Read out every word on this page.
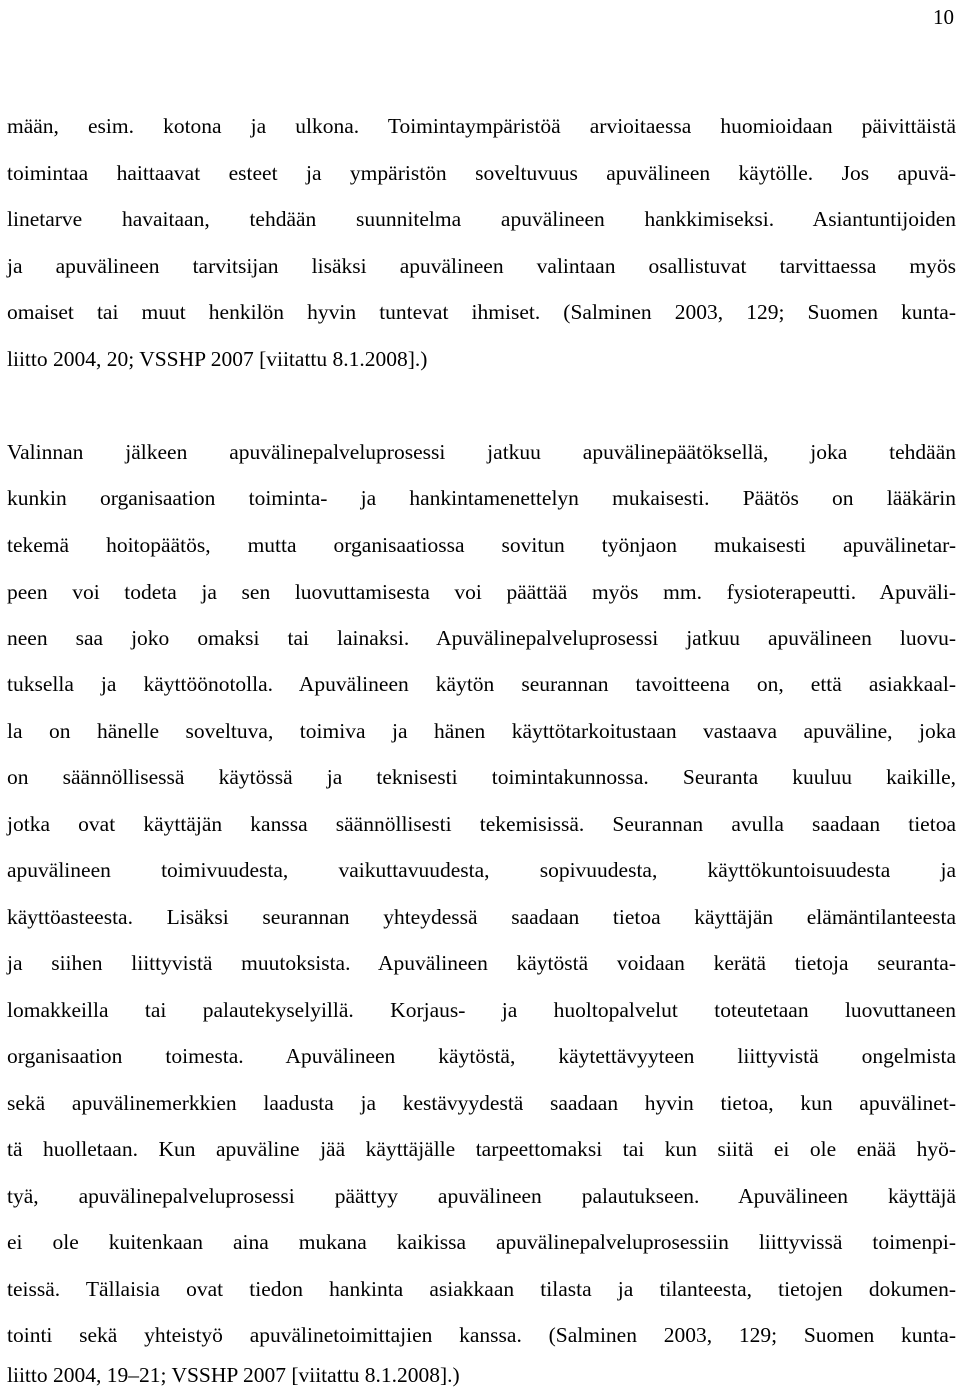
10
mään, esim. kotona ja ulkona. Toimintaympäristöä arvioitaessa huomioidaan päivittäistä
toimintaa haittaavat esteet ja ympäristön soveltuvuus apuvälineen käytölle. Jos apuvä-
linetarve havaitaan, tehdään suunnitelma apuvälineen hankkimiseksi. Asiantuntijoiden
ja apuvälineen tarvitsijan lisäksi apuvälineen valintaan osallistuvat tarvittaessa myös
omaiset tai muut henkilön hyvin tuntevat ihmiset. (Salminen 2003, 129; Suomen kunta-
liitto 2004, 20; VSSHP 2007 [viitattu 8.1.2008].)
Valinnan jälkeen apuvälinepalveluprosessi jatkuu apuvälinepäätöksellä, joka tehdään
kunkin organisaation toiminta- ja hankintamenettelyn mukaisesti. Päätös on lääkärin
tekemä hoitopäätös, mutta organisaatiossa sovitun työnjaon mukaisesti apuvälinetar-
peen voi todeta ja sen luovuttamisesta voi päättää myös mm. fysioterapeutti. Apuväli-
neen saa joko omaksi tai lainaksi. Apuvälinepalveluprosessi jatkuu apuvälineen luovu-
tuksella ja käyttöönotolla. Apuvälineen käytön seurannan tavoitteena on, että asiakkaal-
la on hänelle soveltuva, toimiva ja hänen käyttötarkoitustaan vastaava apuväline, joka
on säännöllisessä käytössä ja teknisesti toimintakunnossa. Seuranta kuuluu kaikille,
jotka ovat käyttäjän kanssa säännöllisesti tekemisissä. Seurannan avulla saadaan tietoa
apuvälineen toimivuudesta, vaikuttavuudesta, sopivuudesta, käyttökuntoisuudesta ja
käyttöasteesta. Lisäksi seurannan yhteydessä saadaan tietoa käyttäjän elämäntilanteesta
ja siihen liittyvistä muutoksista. Apuvälineen käytöstä voidaan kerätä tietoja seuranta-
lomakkeilla tai palautekyselyillä. Korjaus- ja huoltopalvelut toteutetaan luovuttaneen
organisaation toimesta. Apuvälineen käytöstä, käytettävyyteen liittyvistä ongelmista
sekä apuvälinemerkkien laadusta ja kestävyydestä saadaan hyvin tietoa, kun apuvälinet-
tä huolletaan. Kun apuväline jää käyttäjälle tarpeettomaksi tai kun siitä ei ole enää hyö-
tyä, apuvälinepalveluprosessi päättyy apuvälineen palautukseen. Apuvälineen käyttäjä
ei ole kuitenkaan aina mukana kaikissa apuvälinepalveluprosessiin liittyvissä toimenpi-
teissä. Tällaisia ovat tiedon hankinta asiakkaan tilasta ja tilanteesta, tietojen dokumen-
tointi sekä yhteistyö apuvälinetoimittajien kanssa. (Salminen 2003, 129; Suomen kunta-
liitto 2004, 19–21; VSSHP 2007 [viitattu 8.1.2008].)
